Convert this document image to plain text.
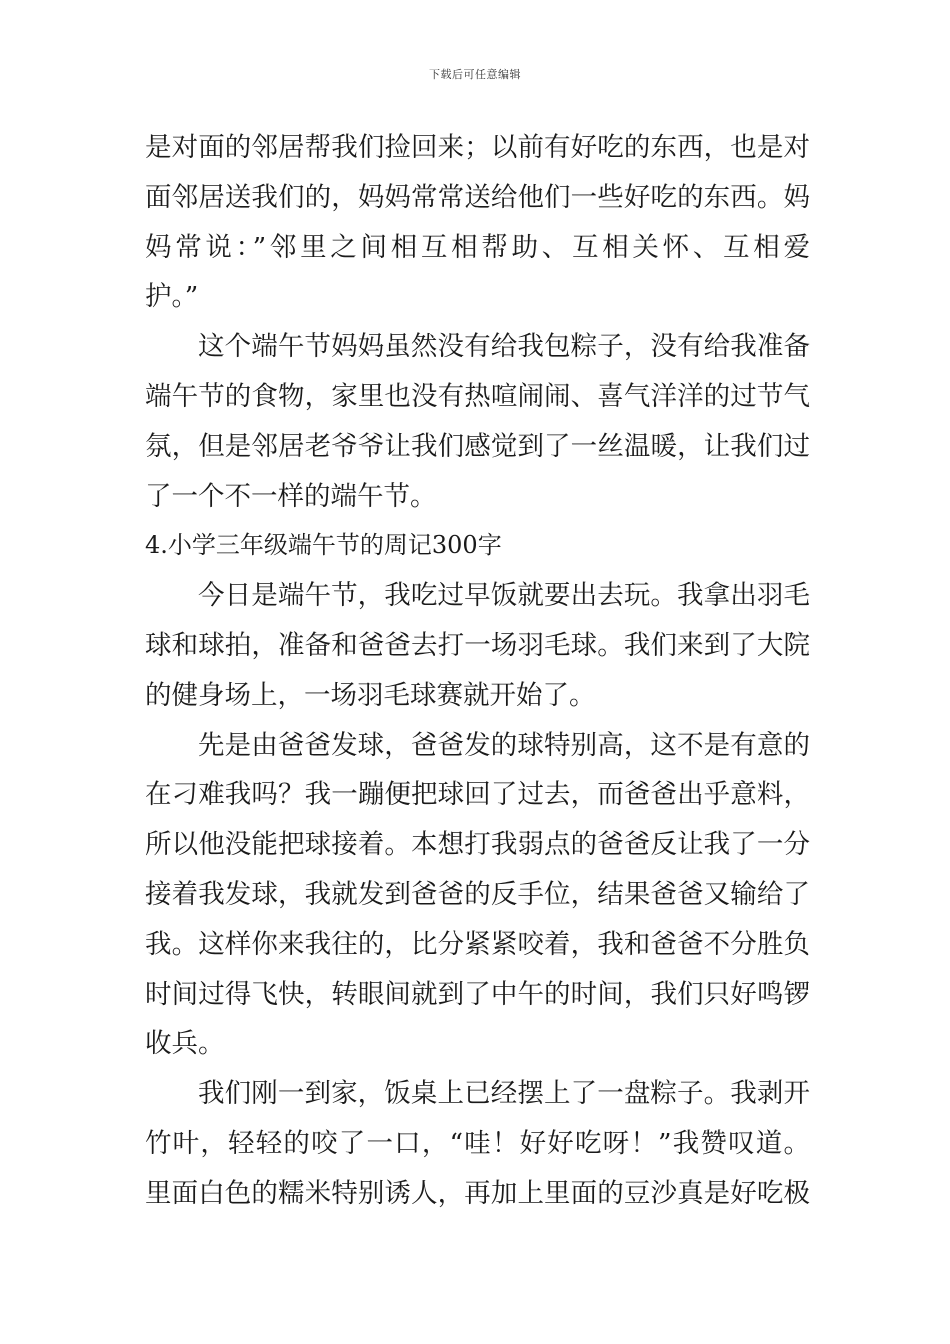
下载后可任意编辑
是对面的邻居帮我们捡回来；以前有好吃的东西，也是对
面邻居送我们的，妈妈常常送给他们一些好吃的东西。妈
妈常说：”邻里之间相互相帮助、互相关怀、互相爱
护。”
这个端午节妈妈虽然没有给我包粽子，没有给我准备
端午节的食物，家里也没有热喧闹闹、喜气洋洋的过节气
氛，但是邻居老爷爷让我们感觉到了一丝温暖，让我们过
了一个不一样的端午节。
4.小学三年级端午节的周记300字
今日是端午节，我吃过早饭就要出去玩。我拿出羽毛
球和球拍，准备和爸爸去打一场羽毛球。我们来到了大院
的健身场上，一场羽毛球赛就开始了。
先是由爸爸发球，爸爸发的球特别高，这不是有意的
在刁难我吗？我一蹦便把球回了过去，而爸爸出乎意料，
所以他没能把球接着。本想打我弱点的爸爸反让我了一分
接着我发球，我就发到爸爸的反手位，结果爸爸又输给了
我。这样你来我往的，比分紧紧咬着，我和爸爸不分胜负
时间过得飞快，转眼间就到了中午的时间，我们只好鸣锣
收兵。
我们刚一到家，饭桌上已经摆上了一盘粽子。我剥开
竹叶，轻轻的咬了一口，“哇！好好吃呀！”我赞叹道。
里面白色的糯米特别诱人，再加上里面的豆沙真是好吃极
